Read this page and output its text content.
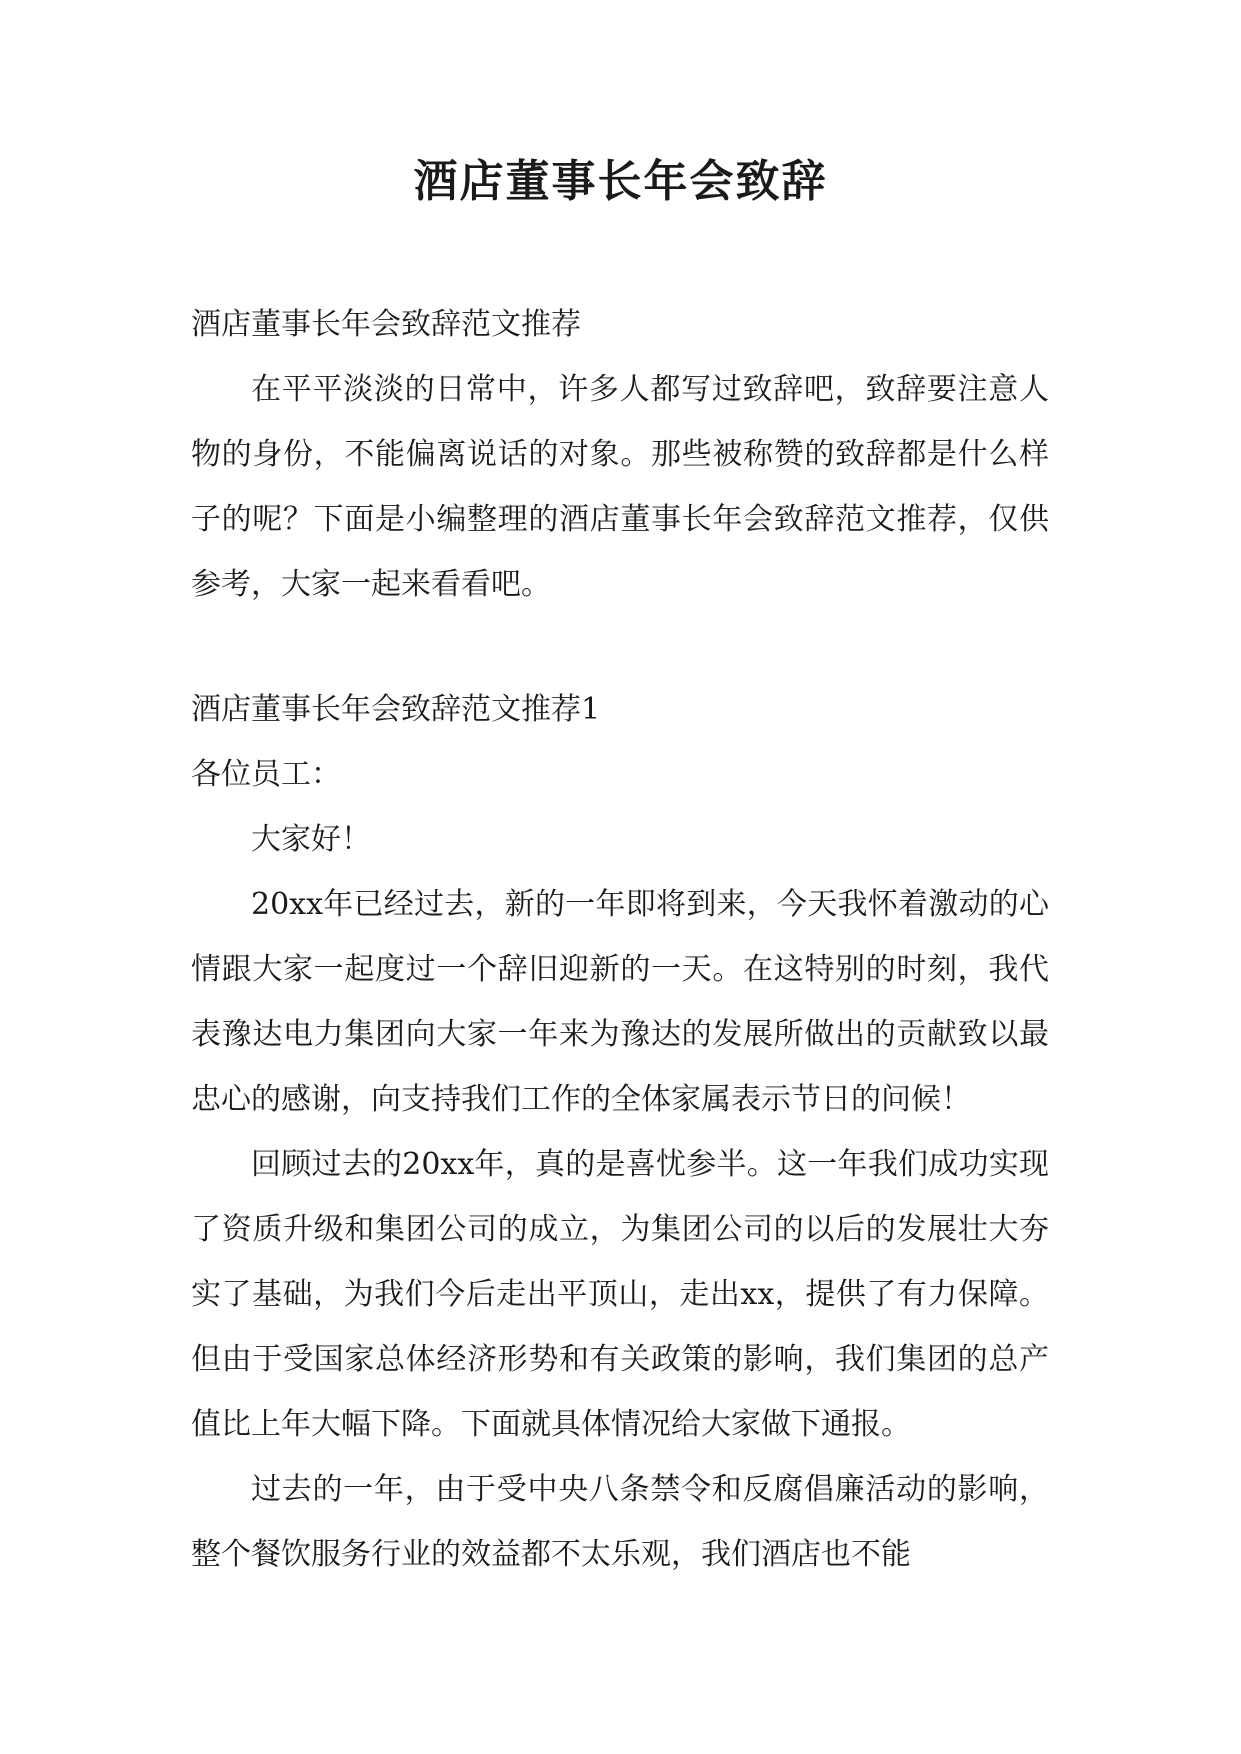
酒店董事长年会致辞

酒店董事长年会致辞范文推荐

在平平淡淡的日常中，许多人都写过致辞吧，致辞要注意人物的身份，不能偏离说话的对象。那些被称赞的致辞都是什么样子的呢？下面是小编整理的酒店董事长年会致辞范文推荐，仅供参考，大家一起来看看吧。

酒店董事长年会致辞范文推荐1

各位员工：

大家好！

20xx年已经过去，新的一年即将到来，今天我怀着激动的心情跟大家一起度过一个辞旧迎新的一天。在这特别的时刻，我代表豫达电力集团向大家一年来为豫达的发展所做出的贡献致以最忠心的感谢，向支持我们工作的全体家属表示节日的问候！

回顾过去的20xx年，真的是喜忧参半。这一年我们成功实现了资质升级和集团公司的成立，为集团公司的以后的发展壮大夯实了基础，为我们今后走出平顶山，走出xx，提供了有力保障。但由于受国家总体经济形势和有关政策的影响，我们集团的总产值比上年大幅下降。下面就具体情况给大家做下通报。

过去的一年，由于受中央八条禁令和反腐倡廉活动的影响，整个餐饮服务行业的效益都不太乐观，我们酒店也不能
